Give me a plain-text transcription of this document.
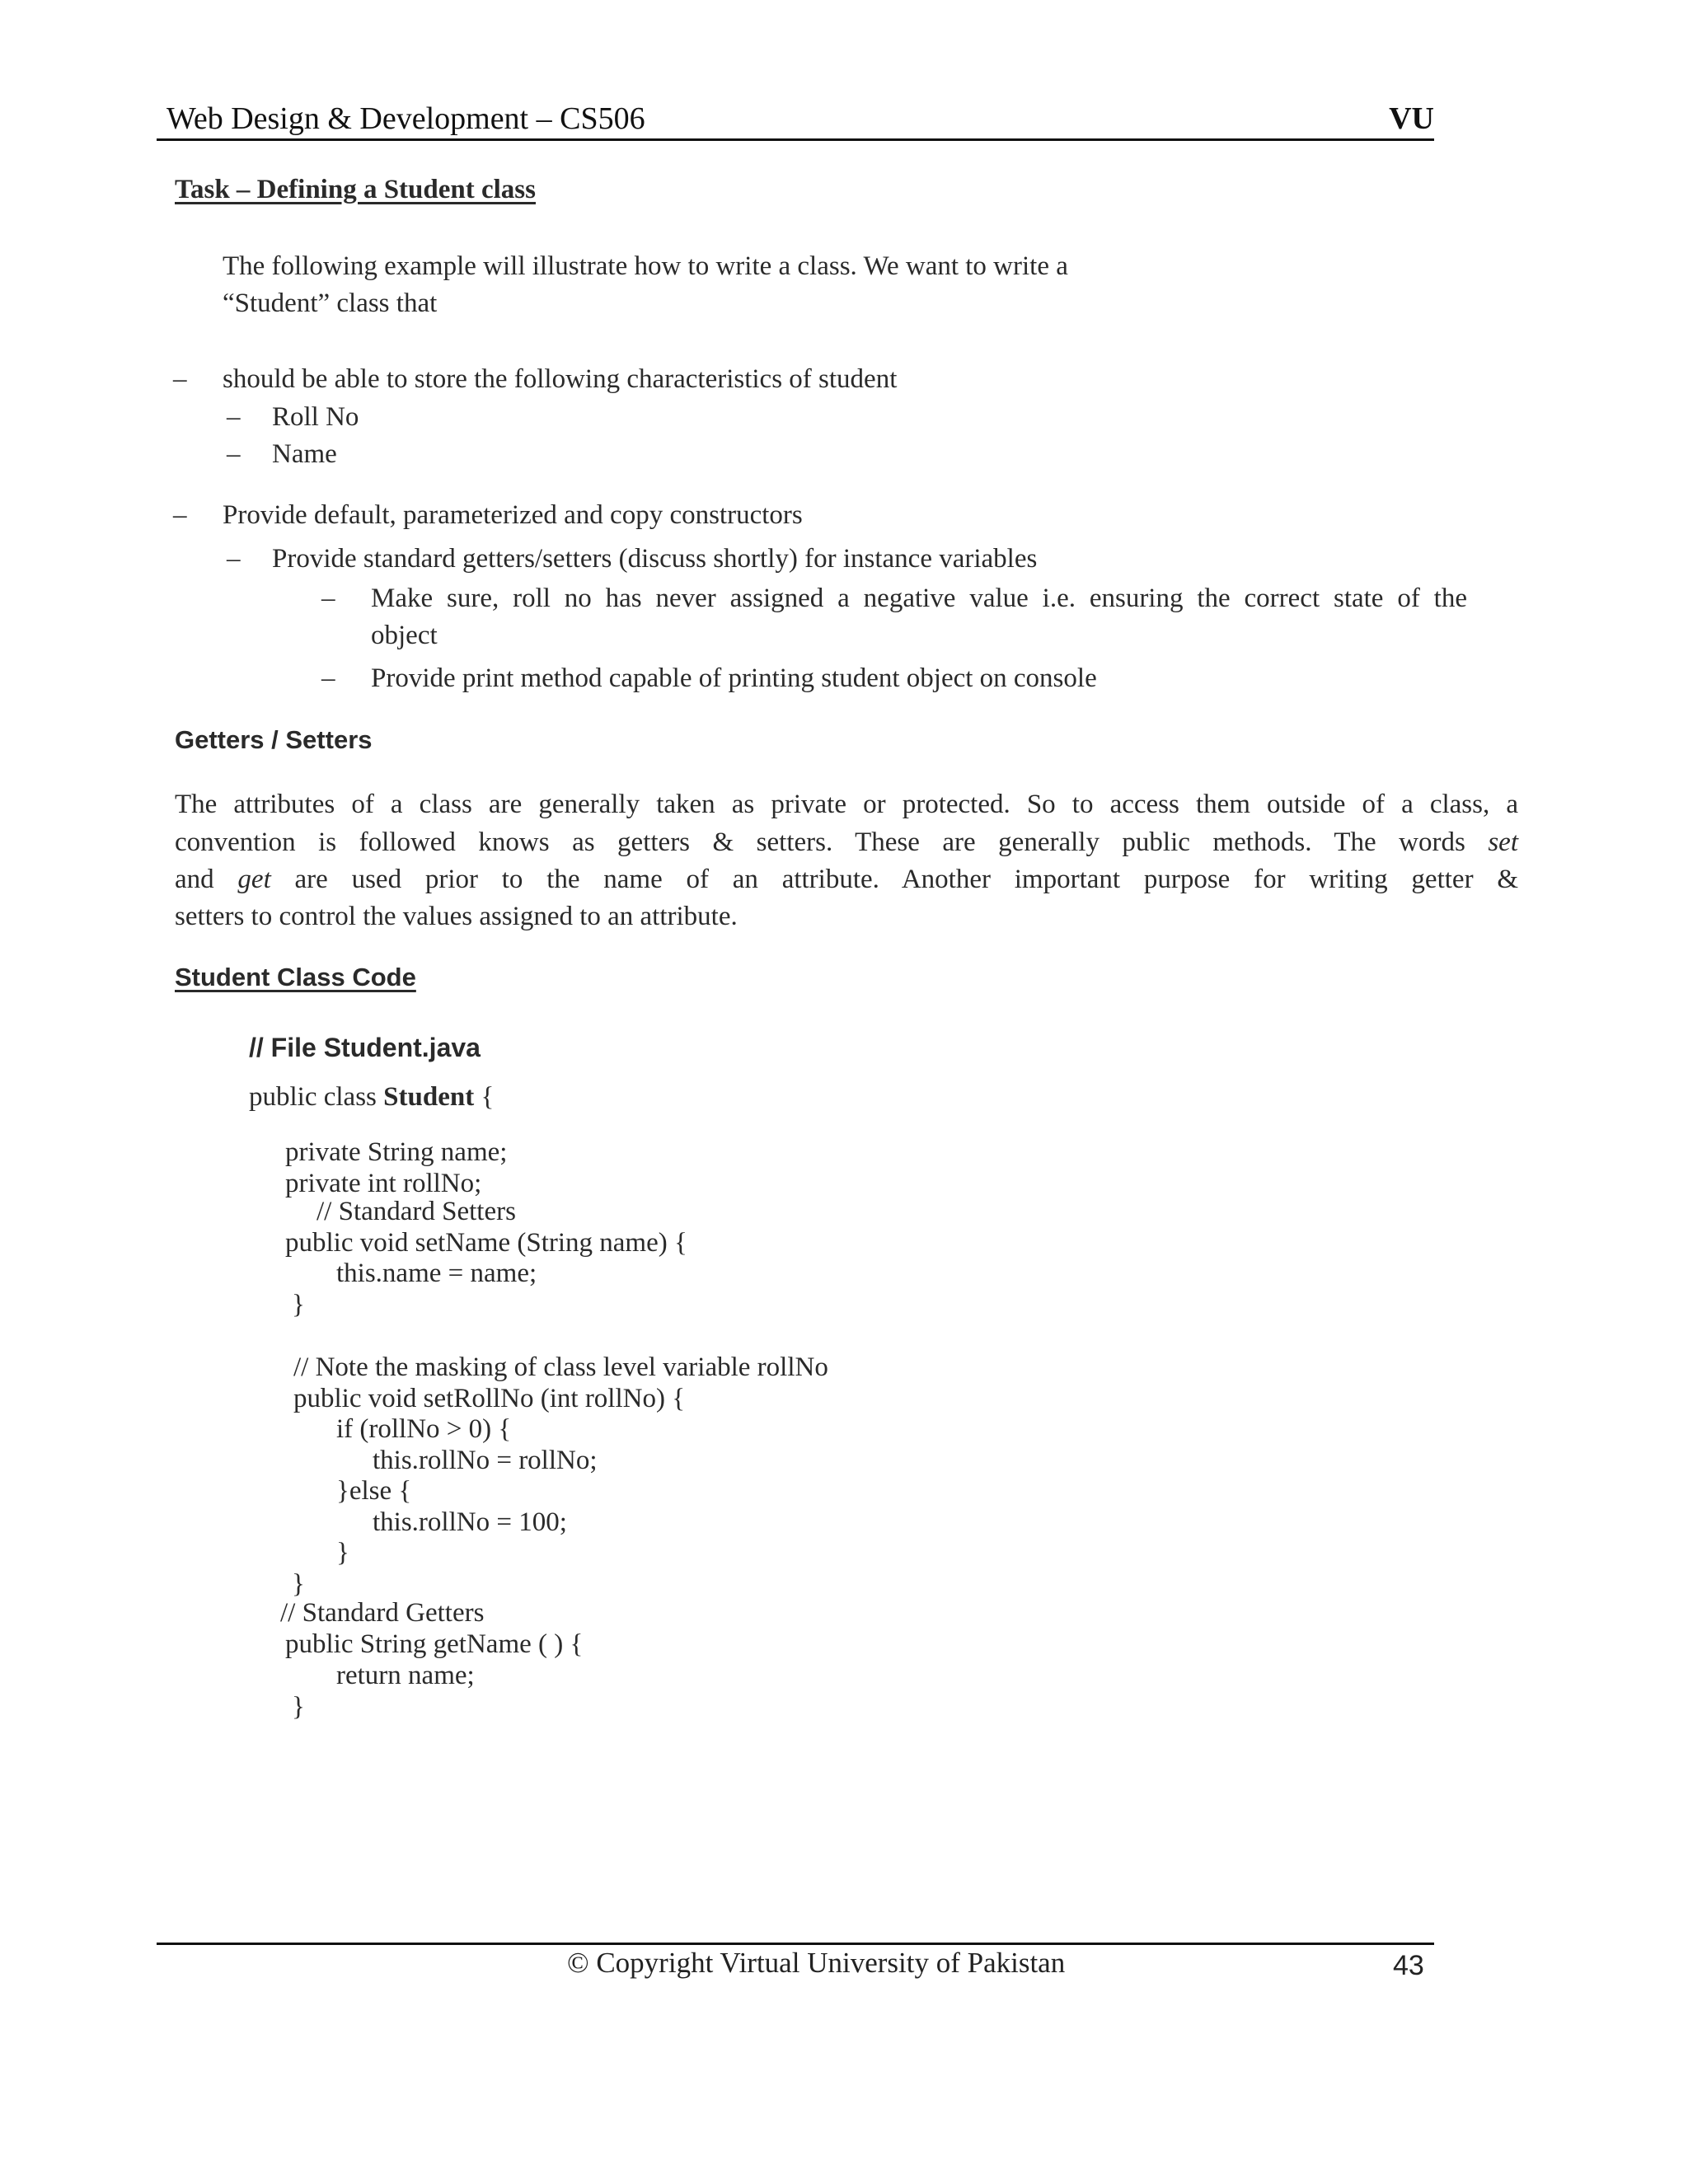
Web Design & Development – CS506	VU
Task – Defining a Student class
The following example will illustrate how to write a class. We want to write a
“Student” class that
– should be able to store the following characteristics of student
– Roll No
– Name
– Provide default, parameterized and copy constructors
– Provide standard getters/setters (discuss shortly) for instance variables
– Make sure, roll no has never assigned a negative value i.e. ensuring the correct state of the
object
– Provide print method capable of printing student object on console
Getters / Setters
The attributes of a class are generally taken as private or protected. So to access them outside of a class, a
convention is followed knows as getters & setters. These are generally public methods. The words set
and get are used prior to the name of an attribute. Another important purpose for writing getter &
setters to control the values assigned to an attribute.
Student Class Code
// File Student.java
public class Student {
private String name;
private int rollNo;
// Standard Setters
public void setName (String name) {
this.name = name;
}
// Note the masking of class level variable rollNo
public void setRollNo (int rollNo) {
if (rollNo > 0) {
this.rollNo = rollNo;
}else {
this.rollNo = 100;
}
}
// Standard Getters
public String getName ( ) {
return name;
}
© Copyright Virtual University of Pakistan	43
